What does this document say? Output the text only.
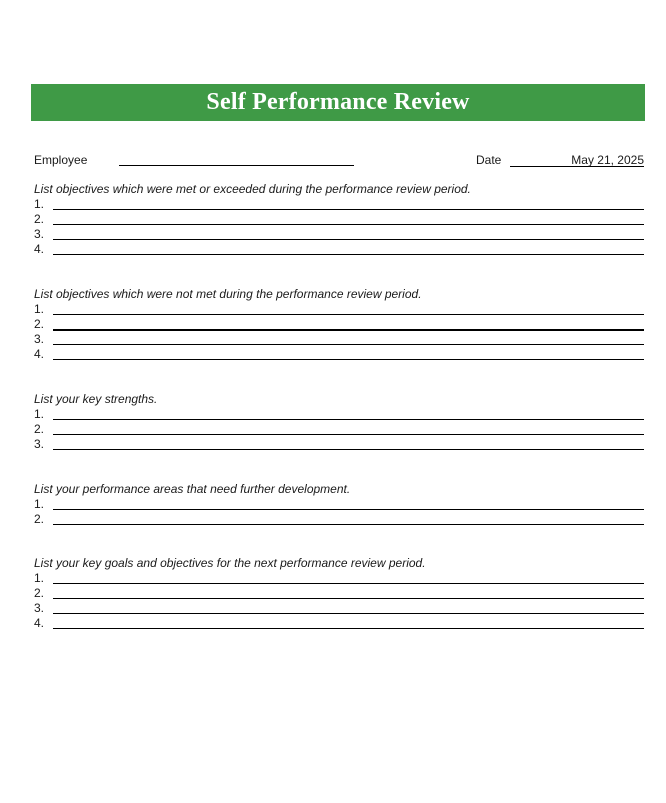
Self Performance Review
Employee	Date	May 21, 2025
List objectives which were met or exceeded during the performance review period.
1.
2.
3.
4.
List objectives which were not met during the performance review period.
1.
2.
3.
4.
List your key strengths.
1.
2.
3.
List your performance areas that need further development.
1.
2.
List your key goals and objectives for the next performance review period.
1.
2.
3.
4.
